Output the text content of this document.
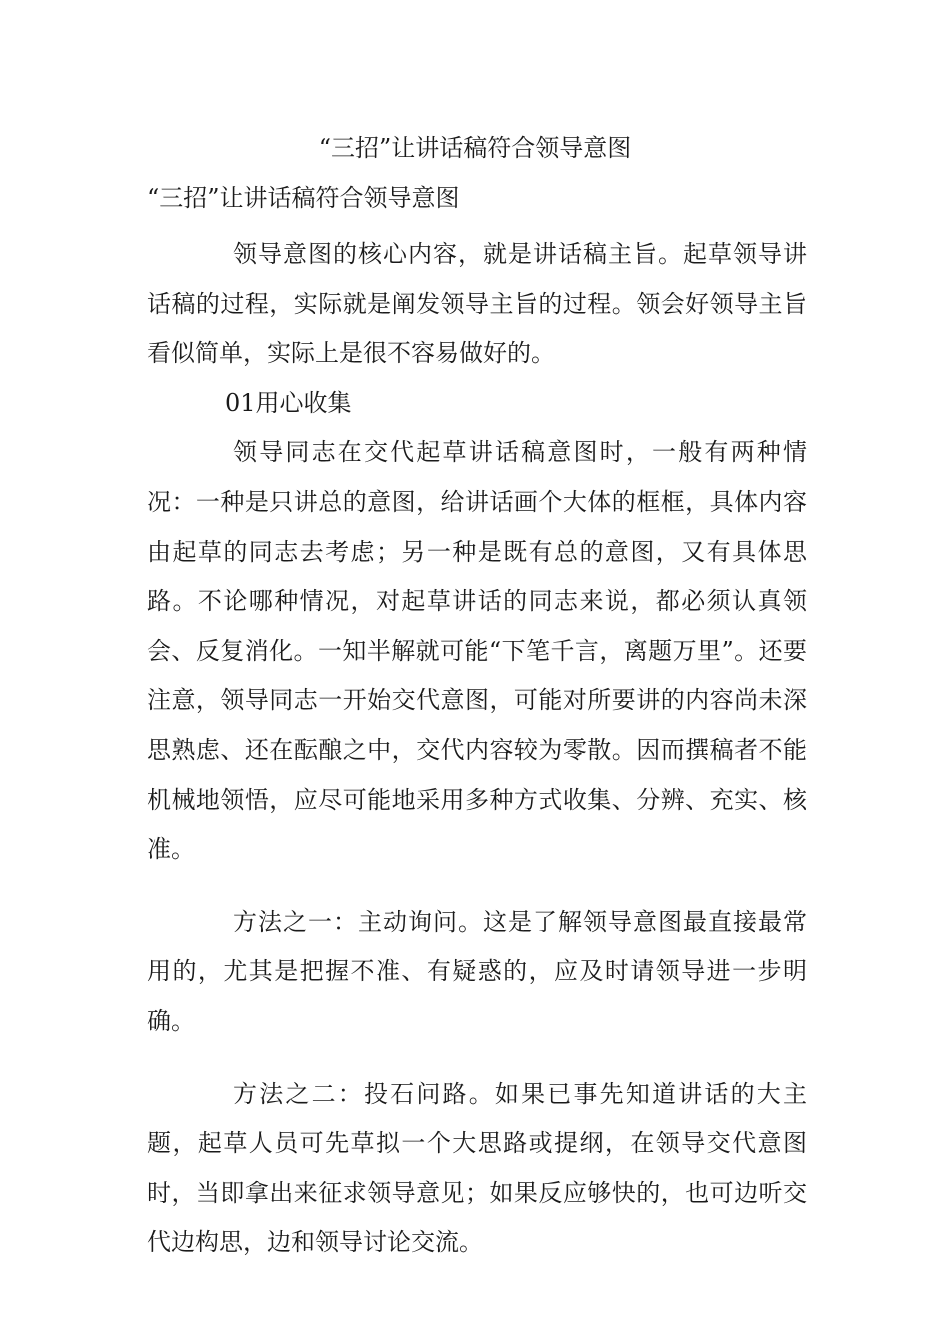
“三招”让讲话稿符合领导意图
“三招”让讲话稿符合领导意图

领导意图的核心内容，就是讲话稿主旨。起草领导讲话稿的过程，实际就是阐发领导主旨的过程。领会好领导主旨看似简单，实际上是很不容易做好的。

01用心收集

领导同志在交代起草讲话稿意图时，一般有两种情况：一种是只讲总的意图，给讲话画个大体的框框，具体内容由起草的同志去考虑；另一种是既有总的意图，又有具体思路。不论哪种情况，对起草讲话的同志来说，都必须认真领会、反复消化。一知半解就可能“下笔千言，离题万里”。还要注意，领导同志一开始交代意图，可能对所要讲的内容尚未深思熟虑、还在酝酿之中，交代内容较为零散。因而撰稿者不能机械地领悟，应尽可能地采用多种方式收集、分辨、充实、核准。

方法之一：主动询问。这是了解领导意图最直接最常用的，尤其是把握不准、有疑惑的，应及时请领导进一步明确。

方法之二：投石问路。如果已事先知道讲话的大主题，起草人员可先草拟一个大思路或提纲，在领导交代意图时，当即拿出来征求领导意见；如果反应够快的，也可边听交代边构思，边和领导讨论交流。
